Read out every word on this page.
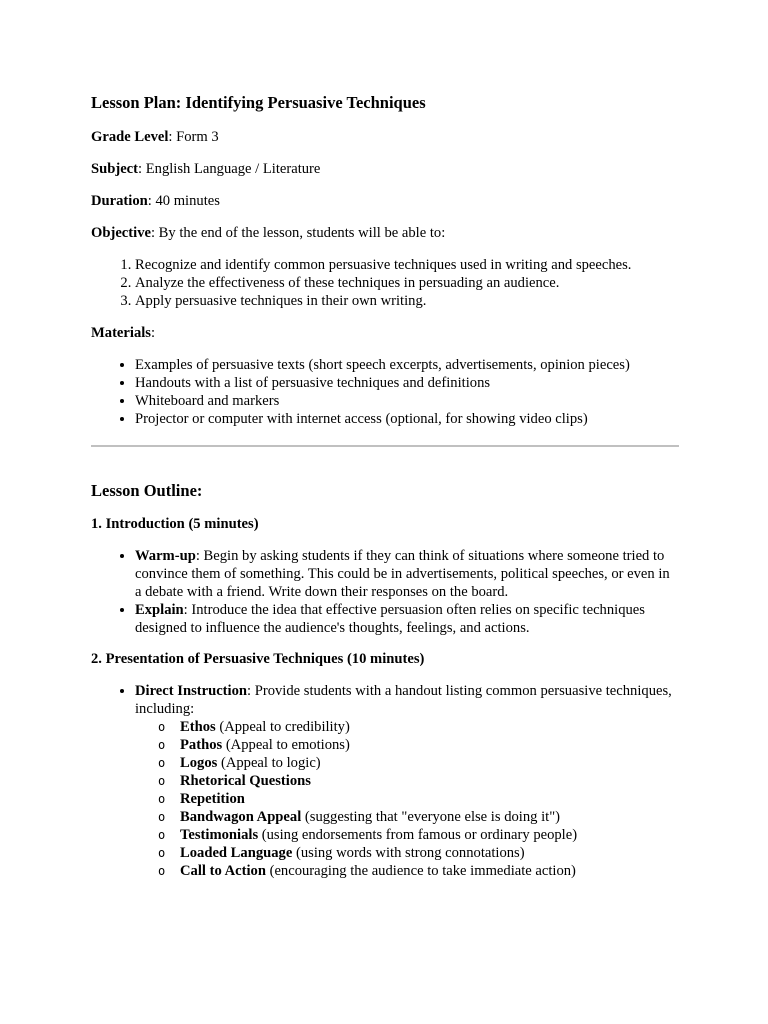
Lesson Plan: Identifying Persuasive Techniques

Grade Level: Form 3

Subject: English Language / Literature

Duration: 40 minutes

Objective: By the end of the lesson, students will be able to:

1. Recognize and identify common persuasive techniques used in writing and speeches.
2. Analyze the effectiveness of these techniques in persuading an audience.
3. Apply persuasive techniques in their own writing.

Materials:

• Examples of persuasive texts (short speech excerpts, advertisements, opinion pieces)
• Handouts with a list of persuasive techniques and definitions
• Whiteboard and markers
• Projector or computer with internet access (optional, for showing video clips)
Lesson Outline:
1. Introduction (5 minutes)
• Warm-up: Begin by asking students if they can think of situations where someone tried to convince them of something. This could be in advertisements, political speeches, or even in a debate with a friend. Write down their responses on the board.
• Explain: Introduce the idea that effective persuasion often relies on specific techniques designed to influence the audience's thoughts, feelings, and actions.
2. Presentation of Persuasive Techniques (10 minutes)
• Direct Instruction: Provide students with a handout listing common persuasive techniques, including:
o Ethos (Appeal to credibility)
o Pathos (Appeal to emotions)
o Logos (Appeal to logic)
o Rhetorical Questions
o Repetition
o Bandwagon Appeal (suggesting that "everyone else is doing it")
o Testimonials (using endorsements from famous or ordinary people)
o Loaded Language (using words with strong connotations)
o Call to Action (encouraging the audience to take immediate action)
